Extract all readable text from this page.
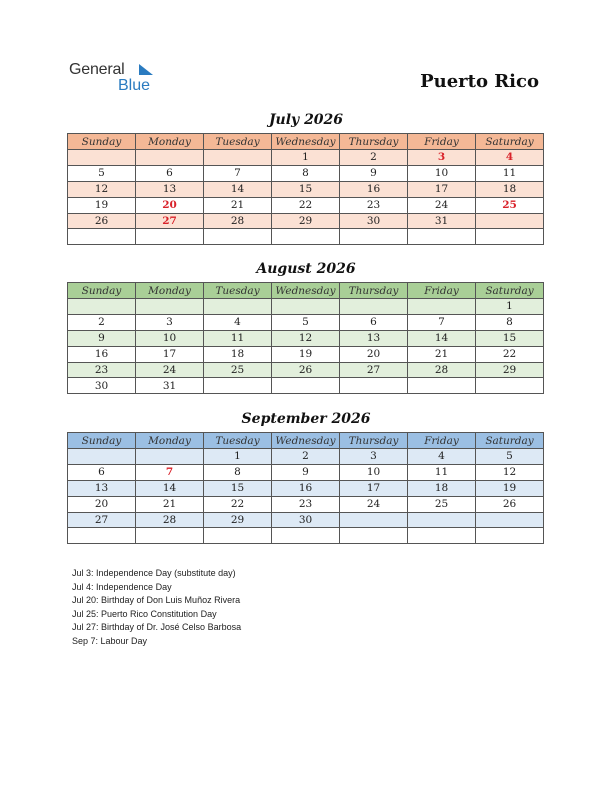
General
Blue	Puerto Rico
July 2026
Sunday	Monday	Tuesday	Wednesday	Thursday	Friday	Saturday
			1	2	3	4
5	6	7	8	9	10	11
12	13	14	15	16	17	18
19	20	21	22	23	24	25
26	27	28	29	30	31	

August 2026
Sunday	Monday	Tuesday	Wednesday	Thursday	Friday	Saturday
						1
2	3	4	5	6	7	8
9	10	11	12	13	14	15
16	17	18	19	20	21	22
23	24	25	26	27	28	29
30	31					
September 2026
Sunday	Monday	Tuesday	Wednesday	Thursday	Friday	Saturday
		1	2	3	4	5
6	7	8	9	10	11	12
13	14	15	16	17	18	19
20	21	22	23	24	25	26
27	28	29	30			

Jul 3: Independence Day (substitute day)
Jul 4: Independence Day
Jul 20: Birthday of Don Luis Muñoz Rivera
Jul 25: Puerto Rico Constitution Day
Jul 27: Birthday of Dr. José Celso Barbosa
Sep 7: Labour Day
